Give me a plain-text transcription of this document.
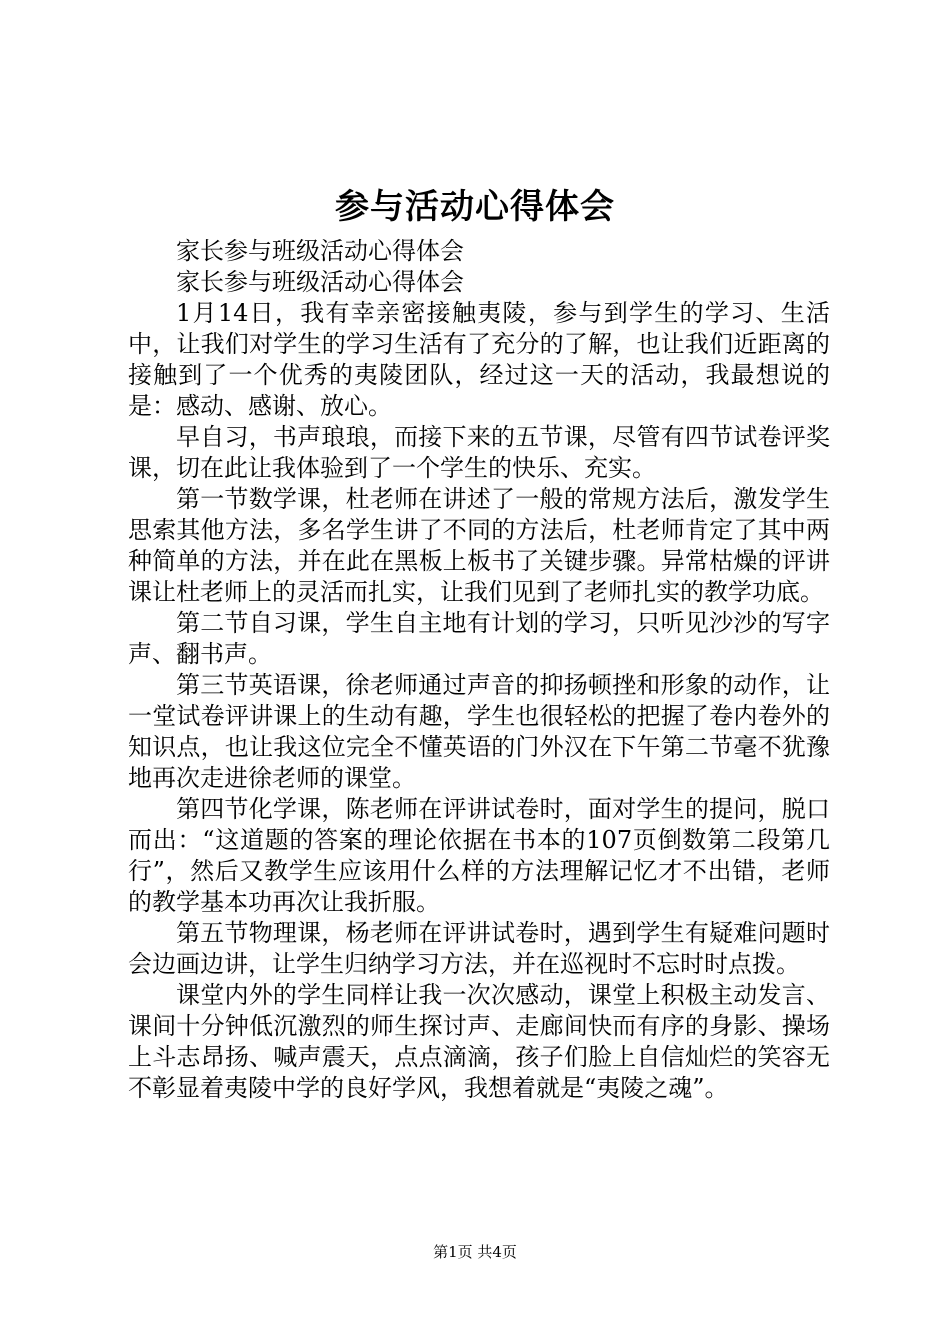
参与活动心得体会

家长参与班级活动心得体会

家长参与班级活动心得体会

1月14日，我有幸亲密接触夷陵，参与到学生的学习、生活中，让我们对学生的学习生活有了充分的了解，也让我们近距离的接触到了一个优秀的夷陵团队，经过这一天的活动，我最想说的是：感动、感谢、放心。

早自习，书声琅琅，而接下来的五节课，尽管有四节试卷评奖课，切在此让我体验到了一个学生的快乐、充实。

第一节数学课，杜老师在讲述了一般的常规方法后，激发学生思索其他方法，多名学生讲了不同的方法后，杜老师肯定了其中两种简单的方法，并在此在黑板上板书了关键步骤。异常枯燥的评讲课让杜老师上的灵活而扎实，让我们见到了老师扎实的教学功底。

第二节自习课，学生自主地有计划的学习，只听见沙沙的写字声、翻书声。

第三节英语课，徐老师通过声音的抑扬顿挫和形象的动作，让一堂试卷评讲课上的生动有趣，学生也很轻松的把握了卷内卷外的知识点，也让我这位完全不懂英语的门外汉在下午第二节毫不犹豫地再次走进徐老师的课堂。

第四节化学课，陈老师在评讲试卷时，面对学生的提问，脱口而出：“这道题的答案的理论依据在书本的107页倒数第二段第几行”，然后又教学生应该用什么样的方法理解记忆才不出错，老师的教学基本功再次让我折服。

第五节物理课，杨老师在评讲试卷时，遇到学生有疑难问题时会边画边讲，让学生归纳学习方法，并在巡视时不忘时时点拨。

课堂内外的学生同样让我一次次感动，课堂上积极主动发言、课间十分钟低沉激烈的师生探讨声、走廊间快而有序的身影、操场上斗志昂扬、喊声震天，点点滴滴，孩子们脸上自信灿烂的笑容无不彰显着夷陵中学的良好学风，我想着就是“夷陵之魂”。

第1页 共4页
